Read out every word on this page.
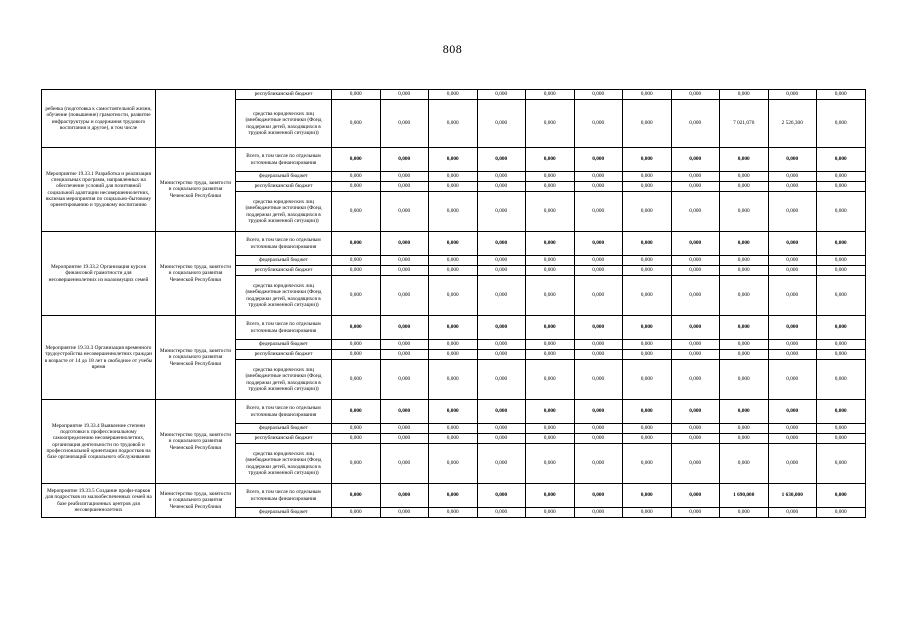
808
ребенка (подготовка к самостоятельной жизни, обучение (повышение) грамотности, развитие инфраструктуры и содержания трудового воспитания и другое), в том числе		республиканский бюджет	0,000	0,000	0,000	0,000	0,000	0,000	0,000	0,000	0,000	0,000	0,000
		средства юридических лиц (внебюджетные источники (Фонд поддержки детей, находящихся в трудной жизненной ситуации))	0,000	0,000	0,000	0,000	0,000	0,000	0,000	0,000	7 021,070	2 526,300	0,000
Мероприятие 19.33.1 Разработка и реализация специальных программ, направленных на обеспечение условий для позитивной социальной адаптации несовершеннолетних, включая мероприятия по социально-бытовому ориентированию и трудовому воспитанию	Министерство труда, занятости и социального развития Чеченской Республики	Всего, в том числе по отдельным источникам финансирования	0,000	0,000	0,000	0,000	0,000	0,000	0,000	0,000	0,000	0,000	0,000
		федеральный бюджет	0,000	0,000	0,000	0,000	0,000	0,000	0,000	0,000	0,000	0,000	0,000
		республиканский бюджет	0,000	0,000	0,000	0,000	0,000	0,000	0,000	0,000	0,000	0,000	0,000
		средства юридических лиц (внебюджетные источники (Фонд поддержки детей, находящихся в трудной жизненной ситуации))	0,000	0,000	0,000	0,000	0,000	0,000	0,000	0,000	0,000	0,000	0,000
Мероприятие 19.33.2 Организация курсов финансовой грамотности для несовершеннолетних из малоимущих семей	Министерство труда, занятости и социального развития Чеченской Республики	Всего, в том числе по отдельным источникам финансирования	0,000	0,000	0,000	0,000	0,000	0,000	0,000	0,000	0,000	0,000	0,000
		федеральный бюджет	0,000	0,000	0,000	0,000	0,000	0,000	0,000	0,000	0,000	0,000	0,000
		республиканский бюджет	0,000	0,000	0,000	0,000	0,000	0,000	0,000	0,000	0,000	0,000	0,000
		средства юридических лиц (внебюджетные источники (Фонд поддержки детей, находящихся в трудной жизненной ситуации))	0,000	0,000	0,000	0,000	0,000	0,000	0,000	0,000	0,000	0,000	0,000
Мероприятие 19.33.3 Организация временного трудоустройства несовершеннолетних граждан в возрасте от 14 до 18 лет в свободное от учебы время	Министерство труда, занятости и социального развития Чеченской Республики	Всего, в том числе по отдельным источникам финансирования	0,000	0,000	0,000	0,000	0,000	0,000	0,000	0,000	0,000	0,000	0,000
		федеральный бюджет	0,000	0,000	0,000	0,000	0,000	0,000	0,000	0,000	0,000	0,000	0,000
		республиканский бюджет	0,000	0,000	0,000	0,000	0,000	0,000	0,000	0,000	0,000	0,000	0,000
		средства юридических лиц (внебюджетные источники (Фонд поддержки детей, находящихся в трудной жизненной ситуации))	0,000	0,000	0,000	0,000	0,000	0,000	0,000	0,000	0,000	0,000	0,000
Мероприятие 19.33.4 Выявление степени подготовки к профессиональному самоопределению несовершеннолетних, организация деятельности по трудовой и профессиональной ориентации подростков на базе организаций социального обслуживания	Министерство труда, занятости и социального развития Чеченской Республики	Всего, в том числе по отдельным источникам финансирования	0,000	0,000	0,000	0,000	0,000	0,000	0,000	0,000	0,000	0,000	0,000
		федеральный бюджет	0,000	0,000	0,000	0,000	0,000	0,000	0,000	0,000	0,000	0,000	0,000
		республиканский бюджет	0,000	0,000	0,000	0,000	0,000	0,000	0,000	0,000	0,000	0,000	0,000
		средства юридических лиц (внебюджетные источники (Фонд поддержки детей, находящихся в трудной жизненной ситуации))	0,000	0,000	0,000	0,000	0,000	0,000	0,000	0,000	0,000	0,000	0,000
Мероприятие 19.33.5 Создание профи-парков для подростков из малообеспеченных семей на базе реабилитационных центров для несовершеннолетних	Министерство труда, занятости и социального развития Чеченской Республики	Всего, в том числе по отдельным источникам финансирования	0,000	0,000	0,000	0,000	0,000	0,000	0,000	0,000	1 690,000	1 630,000	0,000
		федеральный бюджет	0,000	0,000	0,000	0,000	0,000	0,000	0,000	0,000	0,000	0,000	0,000
